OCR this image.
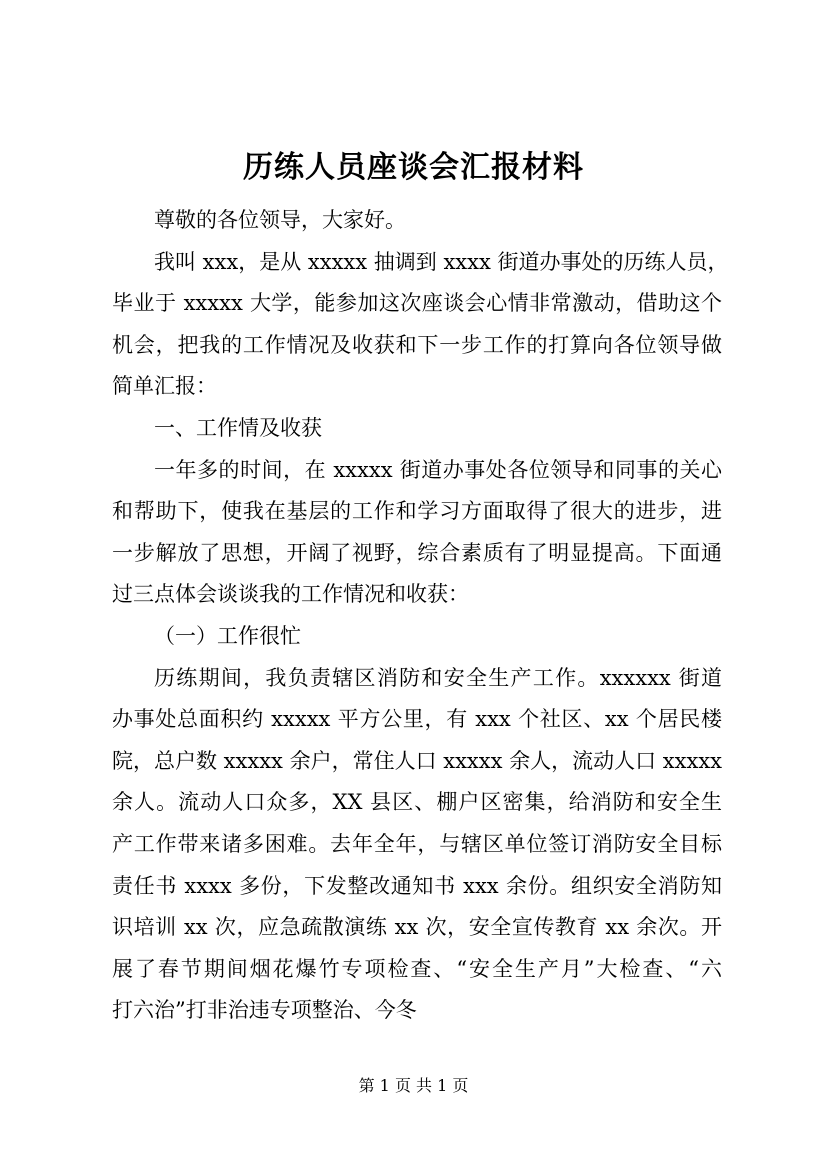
历练人员座谈会汇报材料
尊敬的各位领导，大家好。
我叫 xxx，是从 xxxxx 抽调到 xxxx 街道办事处的历练人员，
毕业于 xxxxx 大学，能参加这次座谈会心情非常激动，借助这个
机会，把我的工作情况及收获和下一步工作的打算向各位领导做
简单汇报：
一、工作情及收获
一年多的时间，在 xxxxx 街道办事处各位领导和同事的关心
和帮助下，使我在基层的工作和学习方面取得了很大的进步，进
一步解放了思想，开阔了视野，综合素质有了明显提高。下面通
过三点体会谈谈我的工作情况和收获：
（一）工作很忙
历练期间，我负责辖区消防和安全生产工作。xxxxxx 街道
办事处总面积约 xxxxx 平方公里，有 xxx 个社区、xx 个居民楼
院，总户数 xxxxx 余户，常住人口 xxxxx 余人，流动人口 xxxxx
余人。流动人口众多，XX 县区、棚户区密集，给消防和安全生
产工作带来诸多困难。去年全年，与辖区单位签订消防安全目标
责任书 xxxx 多份，下发整改通知书 xxx 余份。组织安全消防知
识培训 xx 次，应急疏散演练 xx 次，安全宣传教育 xx 余次。开
展了春节期间烟花爆竹专项检查、“安全生产月”大检查、“六
打六治”打非治违专项整治、今冬
第 1 页 共 1 页
